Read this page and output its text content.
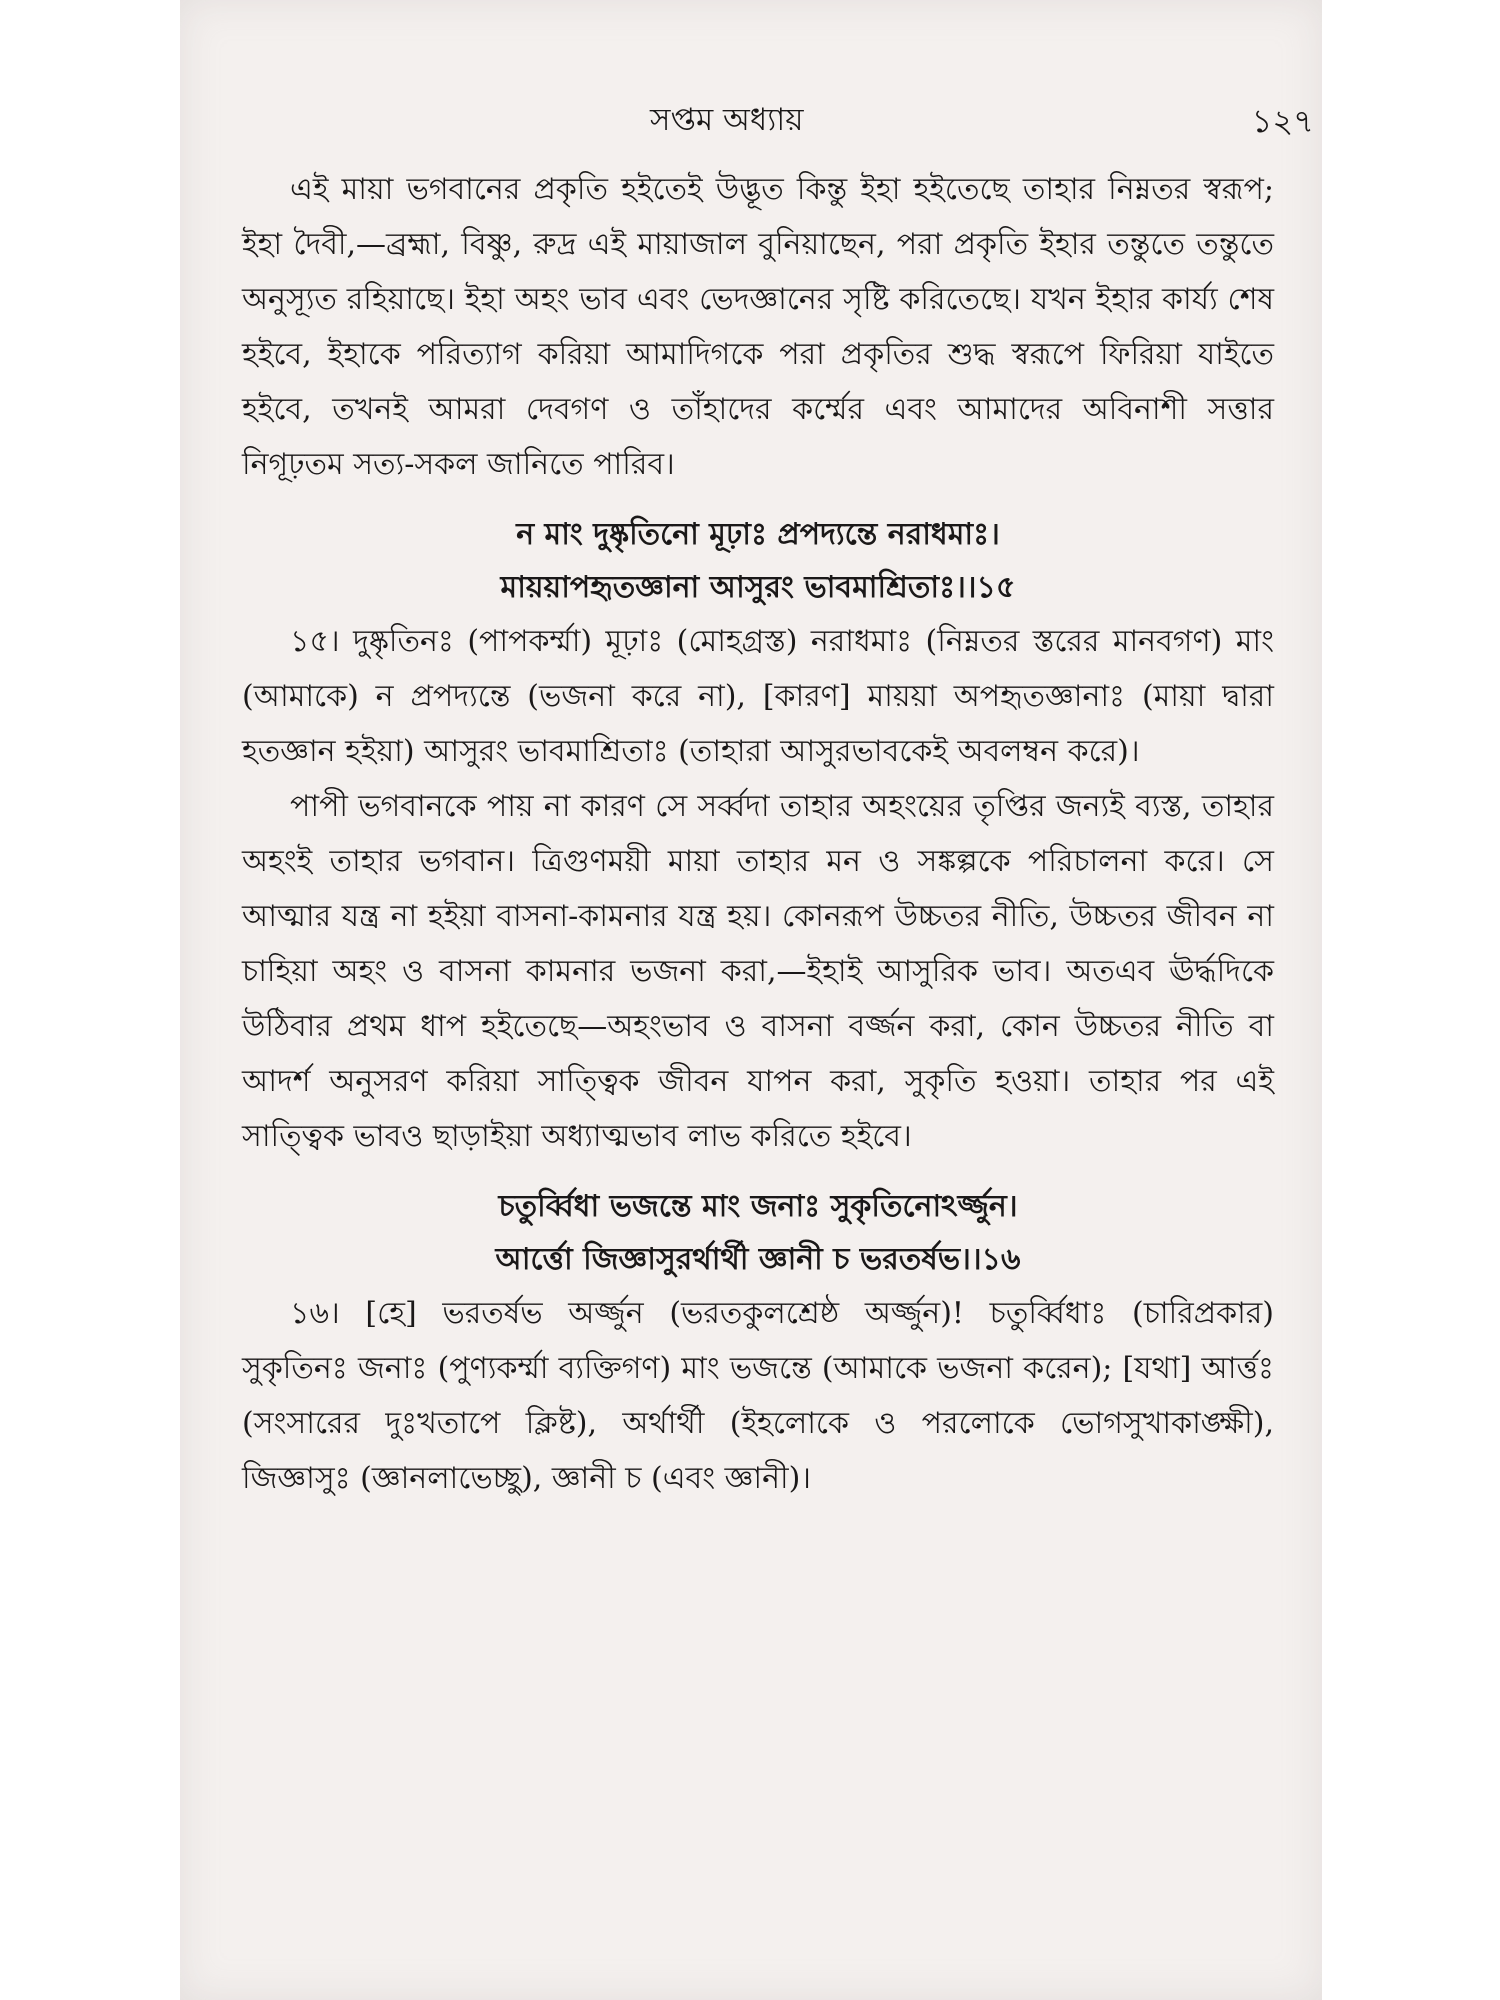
সপ্তম অধ্যায়	১২৭

এই মায়া ভগবানের প্রকৃতি হইতেই উদ্ভূত কিন্তু ইহা হইতেছে তাহার নিম্নতর স্বরূপ; ইহা দৈবী,—ব্রহ্মা, বিষ্ণু, রুদ্র এই মায়াজাল বুনিয়াছেন, পরা প্রকৃতি ইহার তন্তুতে তন্তুতে অনুস্যূত রহিয়াছে। ইহা অহং ভাব এবং ভেদজ্ঞানের সৃষ্টি করিতেছে। যখন ইহার কার্য্য শেষ হইবে, ইহাকে পরিত্যাগ করিয়া আমাদিগকে পরা প্রকৃতির শুদ্ধ স্বরূপে ফিরিয়া যাইতে হইবে, তখনই আমরা দেবগণ ও তাঁহাদের কর্ম্মের এবং আমাদের অবিনাশী সত্তার নিগূঢ়তম সত্য-সকল জানিতে পারিব।

ন মাং দুষ্কৃতিনো মূঢ়াঃ প্রপদ্যন্তে নরাধমাঃ।
মায়য়াপহৃতজ্ঞানা আসুরং ভাবমাশ্রিতাঃ।।১৫

১৫। দুষ্কৃতিনঃ (পাপকর্ম্মা) মূঢ়াঃ (মোহগ্রস্ত) নরাধমাঃ (নিম্নতর স্তরের মানবগণ) মাং (আমাকে) ন প্রপদ্যন্তে (ভজনা করে না), [কারণ] মায়য়া অপহৃতজ্ঞানাঃ (মায়া দ্বারা হতজ্ঞান হইয়া) আসুরং ভাবমাশ্রিতাঃ (তাহারা আসুরভাবকেই অবলম্বন করে)।

পাপী ভগবানকে পায় না কারণ সে সর্ব্বদা তাহার অহংয়ের তৃপ্তির জন্যই ব্যস্ত, তাহার অহংই তাহার ভগবান। ত্রিগুণময়ী মায়া তাহার মন ও সঙ্কল্পকে পরিচালনা করে। সে আত্মার যন্ত্র না হইয়া বাসনা-কামনার যন্ত্র হয়। কোনরূপ উচ্চতর নীতি, উচ্চতর জীবন না চাহিয়া অহং ও বাসনা কামনার ভজনা করা,—ইহাই আসুরিক ভাব। অতএব ঊর্দ্ধদিকে উঠিবার প্রথম ধাপ হইতেছে—অহংভাব ও বাসনা বর্জ্জন করা, কোন উচ্চতর নীতি বা আদর্শ অনুসরণ করিয়া সাত্ত্বিক জীবন যাপন করা, সুকৃতি হওয়া। তাহার পর এই সাত্ত্বিক ভাবও ছাড়াইয়া অধ্যাত্মভাব লাভ করিতে হইবে।

চতুর্ব্বিধা ভজন্তে মাং জনাঃ সুকৃতিনোঽর্জ্জুন।
আর্ত্তো জিজ্ঞাসুরর্থার্থী জ্ঞানী চ ভরতর্ষভ।।১৬

১৬। [হে] ভরতর্ষভ অর্জ্জুন (ভরতকুলশ্রেষ্ঠ অর্জ্জুন)! চতুর্ব্বিধাঃ (চারিপ্রকার) সুকৃতিনঃ জনাঃ (পুণ্যকর্ম্মা ব্যক্তিগণ) মাং ভজন্তে (আমাকে ভজনা করেন); [যথা] আর্ত্তঃ (সংসারের দুঃখতাপে ক্লিষ্ট), অর্থার্থী (ইহলোকে ও পরলোকে ভোগসুখাকাঙ্ক্ষী), জিজ্ঞাসুঃ (জ্ঞানলাভেচ্ছু), জ্ঞানী চ (এবং জ্ঞানী)।
